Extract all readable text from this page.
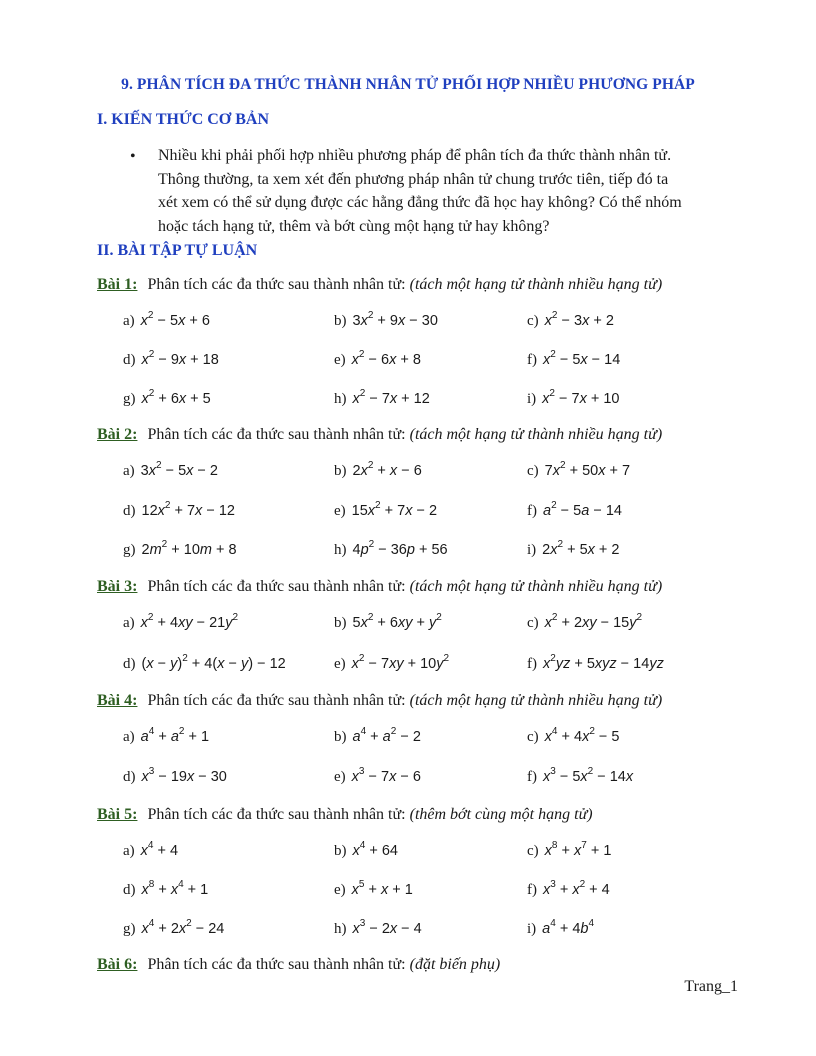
9. PHÂN TÍCH ĐA THỨC THÀNH NHÂN TỬ PHỐI HỢP NHIỀU PHƯƠNG PHÁP
I. KIẾN THỨC CƠ BẢN
• Nhiều khi phải phối hợp nhiều phương pháp để phân tích đa thức thành nhân tử.
Thông thường, ta xem xét đến phương pháp nhân tử chung trước tiên, tiếp đó ta
xét xem có thể sử dụng được các hằng đẳng thức đã học hay không? Có thể nhóm
hoặc tách hạng tử, thêm và bớt cùng một hạng tử hay không?
II. BÀI TẬP TỰ LUẬN
Bài 1: Phân tích các đa thức sau thành nhân tử: (tách một hạng tử thành nhiều hạng tử)
a) $x^2 - 5x + 6$	b) $3x^2 + 9x - 30$	c) $x^2 - 3x + 2$
d) $x^2 - 9x + 18$	e) $x^2 - 6x + 8$	f) $x^2 - 5x - 14$
g) $x^2 + 6x + 5$	h) $x^2 - 7x + 12$	i) $x^2 - 7x + 10$
Bài 2: Phân tích các đa thức sau thành nhân tử: (tách một hạng tử thành nhiều hạng tử)
a) $3x^2 - 5x - 2$	b) $2x^2 + x - 6$	c) $7x^2 + 50x + 7$
d) $12x^2 + 7x - 12$	e) $15x^2 + 7x - 2$	f) $a^2 - 5a - 14$
g) $2m^2 + 10m + 8$	h) $4p^2 - 36p + 56$	i) $2x^2 + 5x + 2$
Bài 3: Phân tích các đa thức sau thành nhân tử: (tách một hạng tử thành nhiều hạng tử)
a) $x^2 + 4xy - 21y^2$	b) $5x^2 + 6xy + y^2$	c) $x^2 + 2xy - 15y^2$
d) $(x - y)^2 + 4(x - y) - 12$	e) $x^2 - 7xy + 10y^2$	f) $x^2yz + 5xyz - 14yz$
Bài 4: Phân tích các đa thức sau thành nhân tử: (tách một hạng tử thành nhiều hạng tử)
a) $a^4 + a^2 + 1$	b) $a^4 + a^2 - 2$	c) $x^4 + 4x^2 - 5$
d) $x^3 - 19x - 30$	e) $x^3 - 7x - 6$	f) $x^3 - 5x^2 - 14x$
Bài 5: Phân tích các đa thức sau thành nhân tử: (thêm bớt cùng một hạng tử)
a) $x^4 + 4$	b) $x^4 + 64$	c) $x^8 + x^7 + 1$
d) $x^8 + x^4 + 1$	e) $x^5 + x + 1$	f) $x^3 + x^2 + 4$
g) $x^4 + 2x^2 - 24$	h) $x^3 - 2x - 4$	i) $a^4 + 4b^4$
Bài 6: Phân tích các đa thức sau thành nhân tử: (đặt biến phụ)
Trang_1
